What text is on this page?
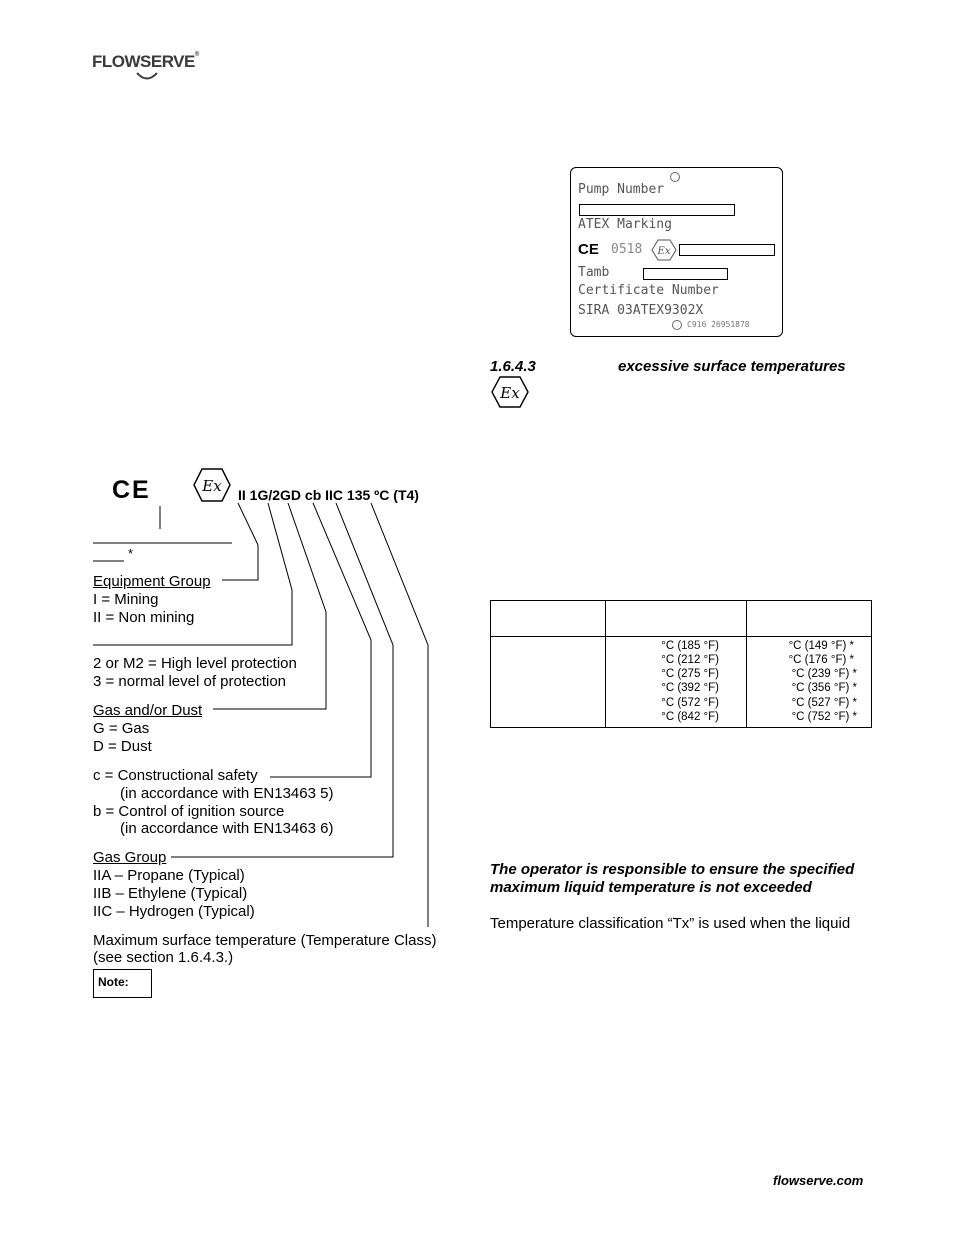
FLOWSERVE®
Pump Number
ATEX Marking
CE 0518 Ex
Tamb
Certificate Number
SIRA 03ATEX9302X
C916 26951878
1.6.4.3	excessive surface temperatures
Ex
CE	Ex II 1G/2GD cb IIC 135 ºC (T4)
*
Equipment Group
I = Mining
II = Non mining
2 or M2 = High level protection
3 = normal level of protection
Gas and/or Dust
G = Gas
D = Dust
c = Constructional safety
(in accordance with EN13463 5)
b = Control of ignition source
(in accordance with EN13463 6)
Gas Group
IIA – Propane (Typical)
IIB – Ethylene (Typical)
IIC – Hydrogen (Typical)
Maximum surface temperature (Temperature Class)
(see section 1.6.4.3.)
Note:
°C (185 °F)
°C (212 °F)
°C (275 °F)
°C (392 °F)
°C (572 °F)
°C (842 °F)
°C (149 °F) *
°C (176 °F) *
°C (239 °F) *
°C (356 °F) *
°C (527 °F) *
°C (752 °F) *
The operator is responsible to ensure the specified
maximum liquid temperature is not exceeded
Temperature classification “Tx” is used when the liquid
flowserve.com
